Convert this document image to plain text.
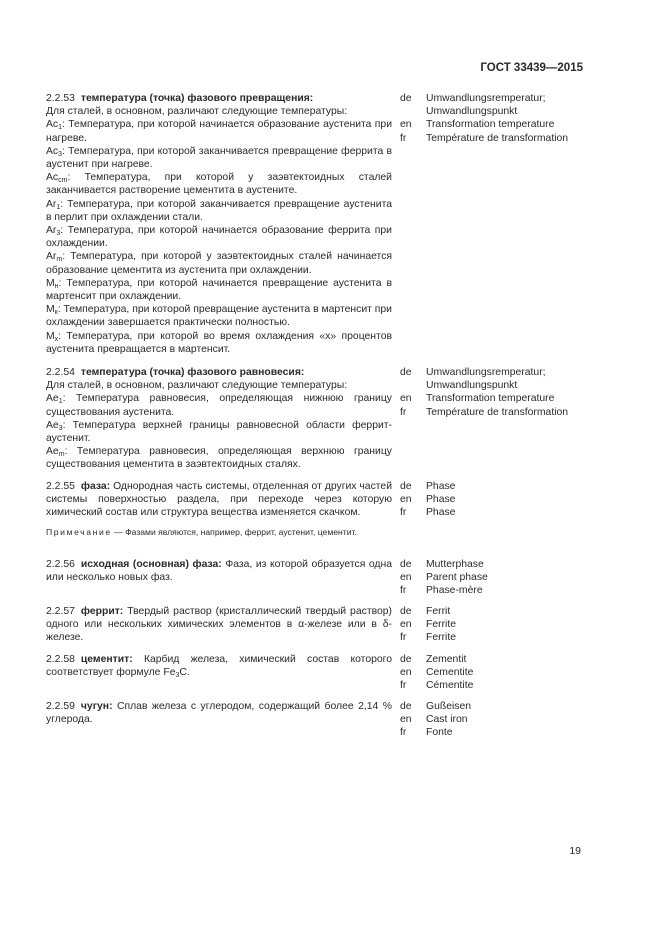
ГОСТ 33439—2015

2.2.53 температура (точка) фазового превращения:

Для сталей, в основном, различают следующие температуры:

$Ac_1$: Температура, при которой начинается образование аустенита при нагреве.

$Ac_3$: Температура, при которой заканчивается превращение феррита в аустенит при нагреве.

$Ac_{cm}$: Температура, при которой у заэвтектоидных сталей заканчивается растворение цементита в аустените.

$Ar_1$: Температура, при которой заканчивается превращение аустенита в перлит при охлаждении стали.

$Ar_3$: Температура, при которой начинается образование феррита при охлаждении.

$Ar_m$: Температура, при которой у заэвтектоидных сталей начинается образование цементита из аустенита при охлаждении.

$M_н$: Температура, при которой начинается превращение аустенита в мартенсит при охлаждении.

$M_к$: Температура, при которой превращение аустенита в мартенсит при охлаждении завершается практически полностью.

$M_х$: Температура, при которой во время охлаждения «х» процентов аустенита превращается в мартенсит.

de	Umwandlungsremperatur;
Umwandlungspunkt
en	Transformation temperature
fr	Température de transformation

2.2.54 температура (точка) фазового равновесия:

Для сталей, в основном, различают следующие температуры:

$Ae_1$: Температура равновесия, определяющая нижнюю границу существования аустенита.

$Ae_3$: Температура верхней границы равновесной области феррит-аустенит.

$Ae_m$: Температура равновесия, определяющая верхнюю границу существования цементита в заэвтектоидных сталях.

de	Umwandlungsremperatur;
Umwandlungspunkt
en	Transformation temperature
fr	Température de transformation

2.2.55 фаза: Однородная часть системы, отделенная от других частей системы поверхностью раздела, при переходе через которую химический состав или структура вещества изменяется скачком.

Примечание — Фазами являются, например, феррит, аустенит, цементит.

de	Phase
en	Phase
fr	Phase

2.2.56 исходная (основная) фаза: Фаза, из которой образуется одна или несколько новых фаз.

de	Mutterphase
en	Parent phase
fr	Phase-mère

2.2.57 феррит: Твердый раствор (кристаллический твердый раствор) одного или нескольких химических элементов в α-железе или в δ-железе.

de	Ferrit
en	Ferrite
fr	Ferrite

2.2.58 цементит: Карбид железа, химический состав которого соответствует формуле $Fe_3C$.

de	Zementit
en	Cementite
fr	Cémentite

2.2.59 чугун: Сплав железа с углеродом, содержащий более 2,14 % углерода.

de	Gußeisen
en	Cast iron
fr	Fonte
19
